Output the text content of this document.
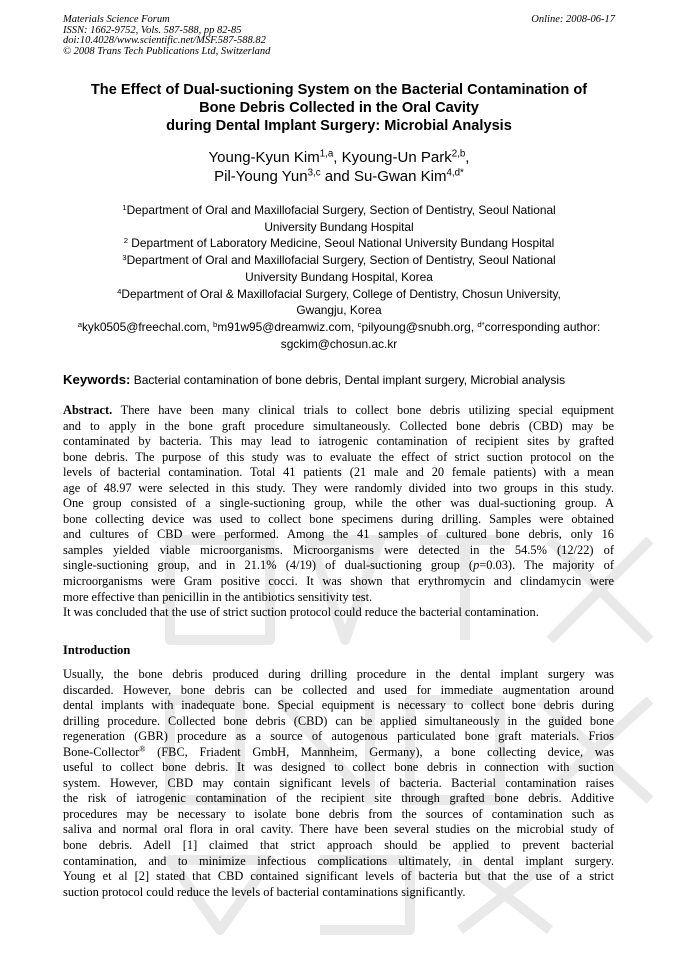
Materials Science Forum	Online: 2008-06-17
ISSN: 1662-9752, Vols. 587-588, pp 82-85
doi:10.4028/www.scientific.net/MSF.587-588.82
© 2008 Trans Tech Publications Ltd, Switzerland
The Effect of Dual-suctioning System on the Bacterial Contamination of
Bone Debris Collected in the Oral Cavity
during Dental Implant Surgery: Microbial Analysis
Young-Kyun Kim$^{1,a}$, Kyoung-Un Park$^{2,b}$,
Pil-Young Yun$^{3,c}$ and Su-Gwan Kim$^{4,d*}$
$^1$Department of Oral and Maxillofacial Surgery, Section of Dentistry, Seoul National
University Bundang Hospital
$^2$ Department of Laboratory Medicine, Seoul National University Bundang Hospital
$^3$Department of Oral and Maxillofacial Surgery, Section of Dentistry, Seoul National
University Bundang Hospital, Korea
$^4$Department of Oral & Maxillofacial Surgery, College of Dentistry, Chosun University,
Gwangju, Korea
$^a$kyk0505@freechal.com, $^b$m91w95@dreamwiz.com, $^c$pilyoung@snubh.org, $^{d*}$corresponding author:
sgckim@chosun.ac.kr
Keywords: Bacterial contamination of bone debris, Dental implant surgery, Microbial analysis
Abstract. There have been many clinical trials to collect bone debris utilizing special equipment
and to apply in the bone graft procedure simultaneously. Collected bone debris (CBD) may be
contaminated by bacteria. This may lead to iatrogenic contamination of recipient sites by grafted
bone debris. The purpose of this study was to evaluate the effect of strict suction protocol on the
levels of bacterial contamination. Total 41 patients (21 male and 20 female patients) with a mean
age of 48.97 were selected in this study. They were randomly divided into two groups in this study.
One group consisted of a single-suctioning group, while the other was dual-suctioning group. A
bone collecting device was used to collect bone specimens during drilling. Samples were obtained
and cultures of CBD were performed. Among the 41 samples of cultured bone debris, only 16
samples yielded viable microorganisms. Microorganisms were detected in the 54.5% (12/22) of
single-suctioning group, and in 21.1% (4/19) of dual-suctioning group (p=0.03). The majority of
microorganisms were Gram positive cocci. It was shown that erythromycin and clindamycin were
more effective than penicillin in the antibiotics sensitivity test.
It was concluded that the use of strict suction protocol could reduce the bacterial contamination.
Introduction
Usually, the bone debris produced during drilling procedure in the dental implant surgery was
discarded. However, bone debris can be collected and used for immediate augmentation around
dental implants with inadequate bone. Special equipment is necessary to collect bone debris during
drilling procedure. Collected bone debris (CBD) can be applied simultaneously in the guided bone
regeneration (GBR) procedure as a source of autogenous particulated bone graft materials. Frios
Bone-Collector® (FBC, Friadent GmbH, Mannheim, Germany), a bone collecting device, was
useful to collect bone debris. It was designed to collect bone debris in connection with suction
system. However, CBD may contain significant levels of bacteria. Bacterial contamination raises
the risk of iatrogenic contamination of the recipient site through grafted bone debris. Additive
procedures may be necessary to isolate bone debris from the sources of contamination such as
saliva and normal oral flora in oral cavity. There have been several studies on the microbial study of
bone debris. Adell [1] claimed that strict approach should be applied to prevent bacterial
contamination, and to minimize infectious complications ultimately, in dental implant surgery.
Young et al [2] stated that CBD contained significant levels of bacteria but that the use of a strict
suction protocol could reduce the levels of bacterial contaminations significantly.
